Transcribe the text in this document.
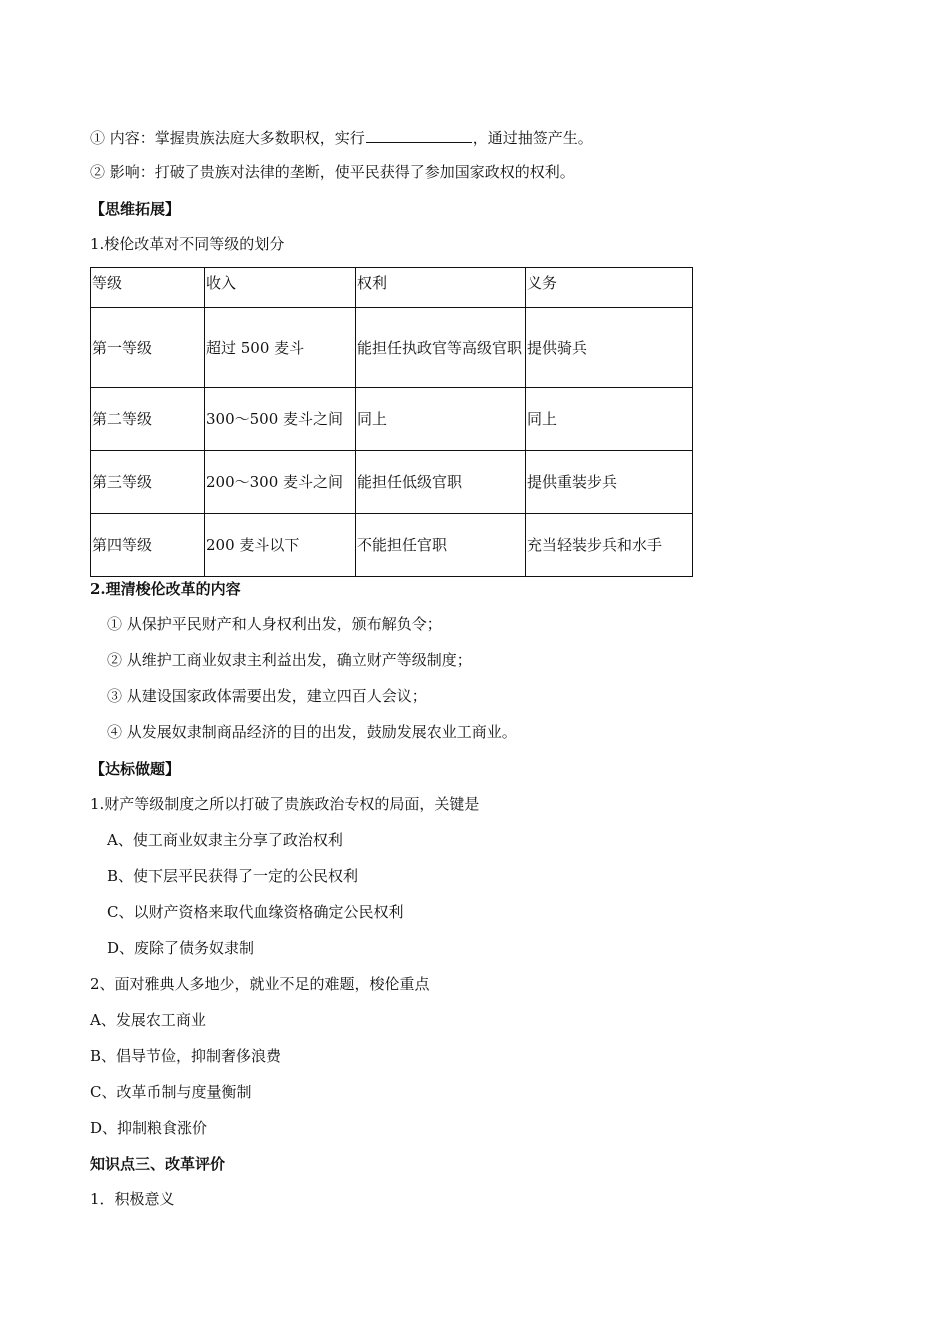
① 内容：掌握贵族法庭大多数职权，实行	，通过抽签产生。
② 影响：打破了贵族对法律的垄断，使平民获得了参加国家政权的权利。
【思维拓展】
1.梭伦改革对不同等级的划分
等级	收入	权利	义务
第一等级	超过 500 麦斗	能担任执政官等高级官职	提供骑兵
第二等级	300～500 麦斗之间	同上	同上
第三等级	200～300 麦斗之间	能担任低级官职	提供重装步兵
第四等级	200 麦斗以下	不能担任官职	充当轻装步兵和水手
2.理清梭伦改革的内容
① 从保护平民财产和人身权利出发，颁布解负令；
② 从维护工商业奴隶主利益出发，确立财产等级制度；
③ 从建设国家政体需要出发，建立四百人会议；
④ 从发展奴隶制商品经济的目的出发，鼓励发展农业工商业。
【达标做题】
1.财产等级制度之所以打破了贵族政治专权的局面，关键是
A、使工商业奴隶主分享了政治权利
B、使下层平民获得了一定的公民权利
C、以财产资格来取代血缘资格确定公民权利
D、废除了债务奴隶制
2、面对雅典人多地少，就业不足的难题，梭伦重点
A、发展农工商业
B、倡导节俭，抑制奢侈浪费
C、改革币制与度量衡制
D、抑制粮食涨价
知识点三、改革评价
1．积极意义
